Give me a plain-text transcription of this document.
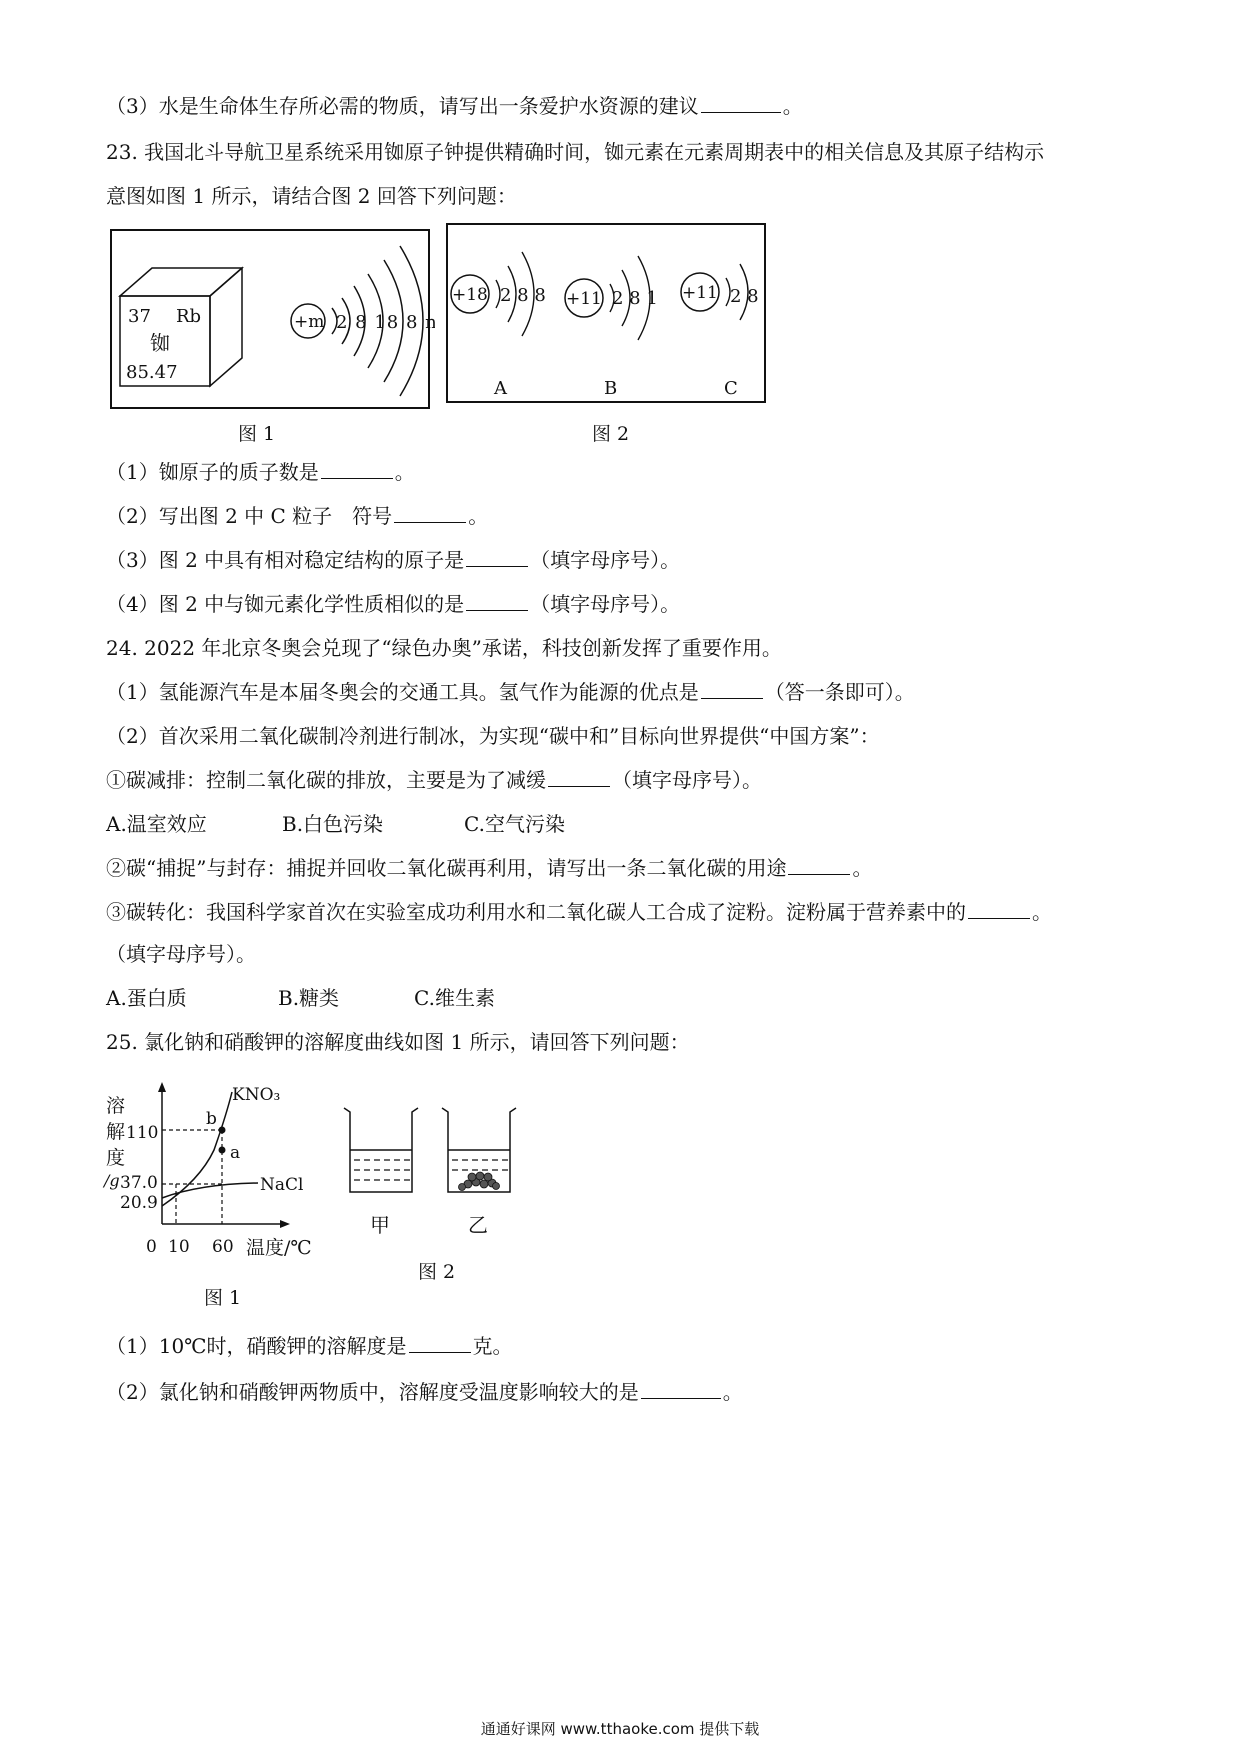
（3）水是生命体生存所必需的物质，请写出一条爱护水资源的建议	。
23. 我国北斗导航卫星系统采用铷原子钟提供精确时间，铷元素在元素周期表中的相关信息及其原子结构示
意图如图 1 所示，请结合图 2 回答下列问题：
37 Rb
铷
85.47
+m 2 8 18 8 n
图 1
+18 2 8 8
A
+11 2 8 1
B
+11 2 8
C
图 2
（1）铷原子的质子数是	。
（2）写出图 2 中 C 粒子　符号	。
（3）图 2 中具有相对稳定结构的原子是	（填字母序号）。
（4）图 2 中与铷元素化学性质相似的是	（填字母序号）。
24. 2022 年北京冬奥会兑现了“绿色办奥”承诺，科技创新发挥了重要作用。
（1）氢能源汽车是本届冬奥会的交通工具。氢气作为能源的优点是	（答一条即可）。
（2）首次采用二氧化碳制冷剂进行制冰，为实现“碳中和”目标向世界提供“中国方案”：
①碳减排：控制二氧化碳的排放，主要是为了减缓	（填字母序号）。
A.温室效应	B.白色污染	C.空气污染
②碳“捕捉”与封存：捕捉并回收二氧化碳再利用，请写出一条二氧化碳的用途	。
③碳转化：我国科学家首次在实验室成功利用水和二氧化碳人工合成了淀粉。淀粉属于营养素中的	。
（填字母序号）。
A.蛋白质	B.糖类	C.维生素
25. 氯化钠和硝酸钾的溶解度曲线如图 1 所示，请回答下列问题：
溶
解
度
/g
110
37.0
20.9
0 10 60 温度/℃
b
a
KNO₃
NaCl
图 1
甲	乙
图 2
（1）10℃时，硝酸钾的溶解度是	克。
（2）氯化钠和硝酸钾两物质中，溶解度受温度影响较大的是	。
通通好课网 www.tthaoke.com 提供下载
